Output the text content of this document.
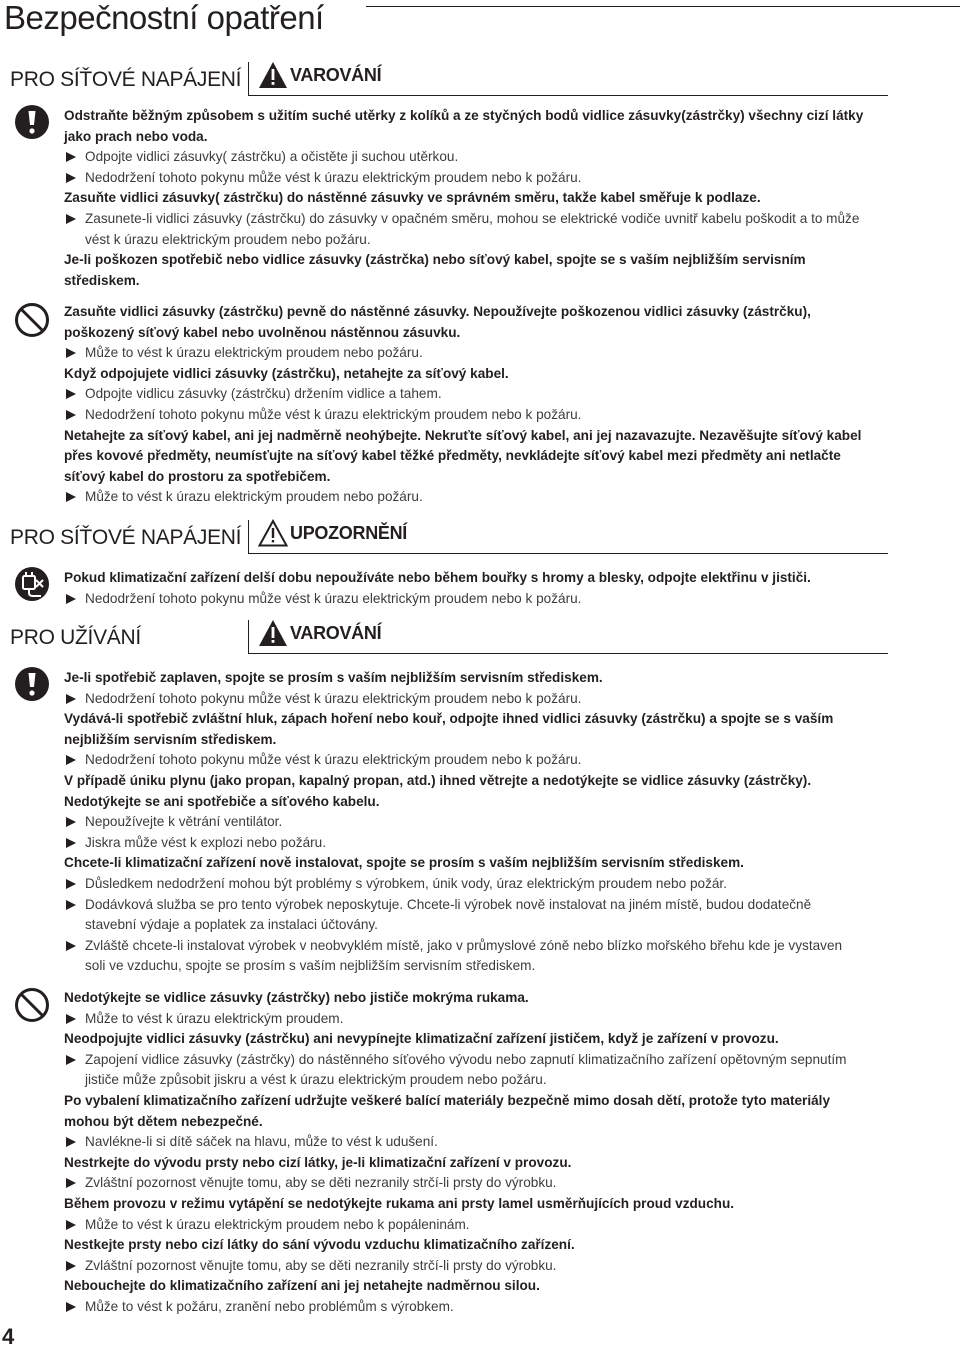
Bezpečnostní opatření
PRO SÍŤOVÉ NAPÁJENÍ	VAROVÁNÍ

Odstraňte běžným způsobem s užitím suché utěrky z kolíků a ze styčných bodů vidlice zásuvky(zástrčky) všechny cizí látky jako prach nebo voda.

Odpojte vidlici zásuvky( zástrčku) a očistěte ji suchou utěrkou.

Nedodržení tohoto pokynu může vést k úrazu elektrickým proudem nebo k požáru.

Zasuňte vidlici zásuvky( zástrčku) do nástěnné zásuvky ve správném směru, takže kabel směřuje k podlaze.

Zasunete-li vidlici zásuvky (zástrčku) do zásuvky v opačném směru, mohou se elektrické vodiče uvnitř kabelu poškodit a to může vést k úrazu elektrickým proudem nebo požáru.

Je-li poškozen spotřebič nebo vidlice zásuvky (zástrčka) nebo síťový kabel, spojte se s vaším nejbližším servisním střediskem.

Zasuňte vidlici zásuvky (zástrčku) pevně do nástěnné zásuvky. Nepoužívejte poškozenou vidlici zásuvky (zástrčku), poškozený síťový kabel nebo uvolněnou nástěnnou zásuvku.

Může to vést k úrazu elektrickým proudem nebo požáru.

Když odpojujete vidlici zásuvky (zástrčku), netahejte za síťový kabel.

Odpojte vidlicu zásuvky (zástrčku) držením vidlice a tahem.

Nedodržení tohoto pokynu může vést k úrazu elektrickým proudem nebo k požáru.

Netahejte za síťový kabel, ani jej nadměrně neohýbejte. Nekruťte síťový kabel, ani jej nazavazujte. Nezavěšujte síťový kabel přes kovové předměty, neumísťujte na síťový kabel těžké předměty, nevkládejte síťový kabel mezi předměty ani netlačte síťový kabel do prostoru za spotřebičem.

Může to vést k úrazu elektrickým proudem nebo požáru.

PRO SÍŤOVÉ NAPÁJENÍ	UPOZORNĚNÍ

Pokud klimatizační zařízení delší dobu nepoužíváte nebo během bouřky s hromy a blesky, odpojte elektřinu v jističi.

Nedodržení tohoto pokynu může vést k úrazu elektrickým proudem nebo k požáru.

PRO UŽÍVÁNÍ	VAROVÁNÍ

Je-li spotřebič zaplaven, spojte se prosím s vaším nejbližším servisním střediskem.

Nedodržení tohoto pokynu může vést k úrazu elektrickým proudem nebo k požáru.

Vydává-li spotřebič zvláštní hluk, zápach hoření nebo kouř, odpojte ihned vidlici zásuvky (zástrčku) a spojte se s vaším nejbližším servisním střediskem.

Nedodržení tohoto pokynu může vést k úrazu elektrickým proudem nebo k požáru.

V případě úniku plynu (jako propan, kapalný propan, atd.) ihned větrejte a nedotýkejte se vidlice zásuvky (zástrčky). Nedotýkejte se ani spotřebiče a síťového kabelu.

Nepoužívejte k větrání ventilátor.

Jiskra může vést k explozi nebo požáru.

Chcete-li klimatizační zařízení nově instalovat, spojte se prosím s vaším nejbližším servisním střediskem.

Důsledkem nedodržení mohou být problémy s výrobkem, únik vody, úraz elektrickým proudem nebo požár.

Dodávková služba se pro tento výrobek neposkytuje. Chcete-li výrobek nově instalovat na jiném místě, budou dodatečně stavební výdaje a poplatek za instalaci účtovány.

Zvláště chcete-li instalovat výrobek v neobvyklém místě, jako v průmyslové zóně nebo blízko mořského břehu kde je vystaven soli ve vzduchu, spojte se prosím s vaším nejbližším servisním střediskem.

Nedotýkejte se vidlice zásuvky (zástrčky) nebo jističe mokrýma rukama.

Může to vést k úrazu elektrickým proudem.

Neodpojujte vidlici zásuvky (zástrčku) ani nevypínejte klimatizační zařízení jističem, když je zařízení v provozu.

Zapojení vidlice zásuvky (zástrčky) do nástěnného síťového vývodu nebo zapnutí klimatizačního zařízení opětovným sepnutím jističe může způsobit jiskru a vést k úrazu elektrickým proudem nebo požáru.

Po vybalení klimatizačního zařízení udržujte veškeré balící materiály bezpečně mimo dosah dětí, protože tyto materiály mohou být dětem nebezpečné.

Navlékne-li si dítě sáček na hlavu, může to vést k udušení.

Nestrkejte do vývodu prsty nebo cizí látky, je-li klimatizační zařízení v provozu.

Zvláštní pozornost věnujte tomu, aby se děti nezranily strčí-li prsty do výrobku.

Během provozu v režimu vytápění se nedotýkejte rukama ani prsty lamel usměrňujících proud vzduchu.

Může to vést k úrazu elektrickým proudem nebo k popáleninám.

Nestkejte prsty nebo cizí látky do sání vývodu vzduchu klimatizačního zařízení.

Zvláštní pozornost věnujte tomu, aby se děti nezranily strčí-li prsty do výrobku.

Nebouchejte do klimatizačního zařízení ani jej netahejte nadměrnou silou.

Může to vést k požáru, zranění nebo problémům s výrobkem.

4
